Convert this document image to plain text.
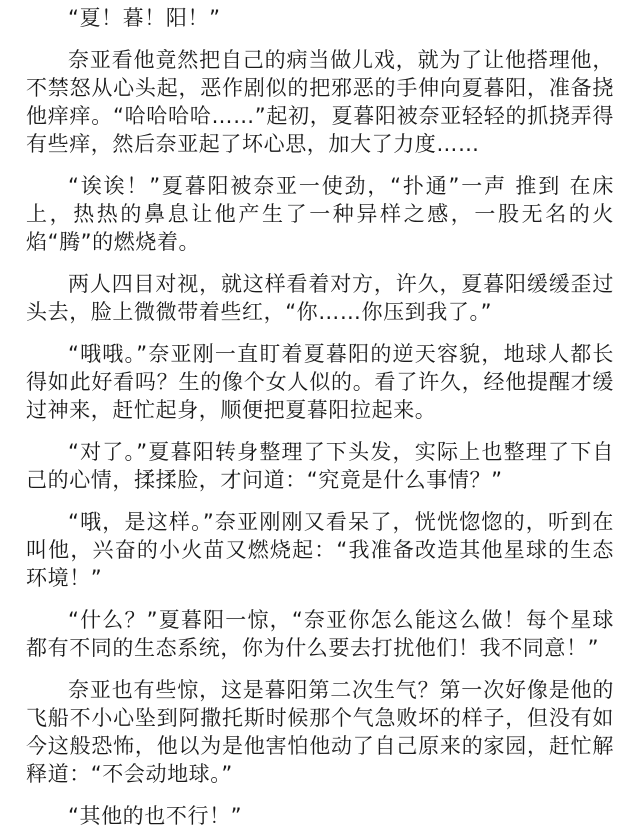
“夏！暮！阳！”

奈亚看他竟然把自己的病当做儿戏，就为了让他搭理他，不禁怒从心头起，恶作剧似的把邪恶的手伸向夏暮阳，准备挠他痒痒。“哈哈哈哈……”起初，夏暮阳被奈亚轻轻的抓挠弄得有些痒，然后奈亚起了坏心思，加大了力度……

“诶诶！”夏暮阳被奈亚一使劲，“扑通”一声 推到 在床上，热热的鼻息让他产生了一种异样之感，一股无名的火焰“腾”的燃烧着。

两人四目对视，就这样看着对方，许久，夏暮阳缓缓歪过头去，脸上微微带着些红，“你……你压到我了。”

“哦哦。”奈亚刚一直盯着夏暮阳的逆天容貌，地球人都长得如此好看吗？生的像个女人似的。看了许久，经他提醒才缓过神来，赶忙起身，顺便把夏暮阳拉起来。

“对了。”夏暮阳转身整理了下头发，实际上也整理了下自己的心情，揉揉脸，才问道：“究竟是什么事情？”

“哦，是这样。”奈亚刚刚又看呆了，恍恍惚惚的，听到在叫他，兴奋的小火苗又燃烧起：“我准备改造其他星球的生态环境！”

“什么？”夏暮阳一惊，“奈亚你怎么能这么做！每个星球都有不同的生态系统，你为什么要去打扰他们！我不同意！”

奈亚也有些惊，这是暮阳第二次生气？第一次好像是他的飞船不小心坠到阿撒托斯时候那个气急败坏的样子，但没有如今这般恐怖，他以为是他害怕他动了自己原来的家园，赶忙解释道：“不会动地球。”

“其他的也不行！”
